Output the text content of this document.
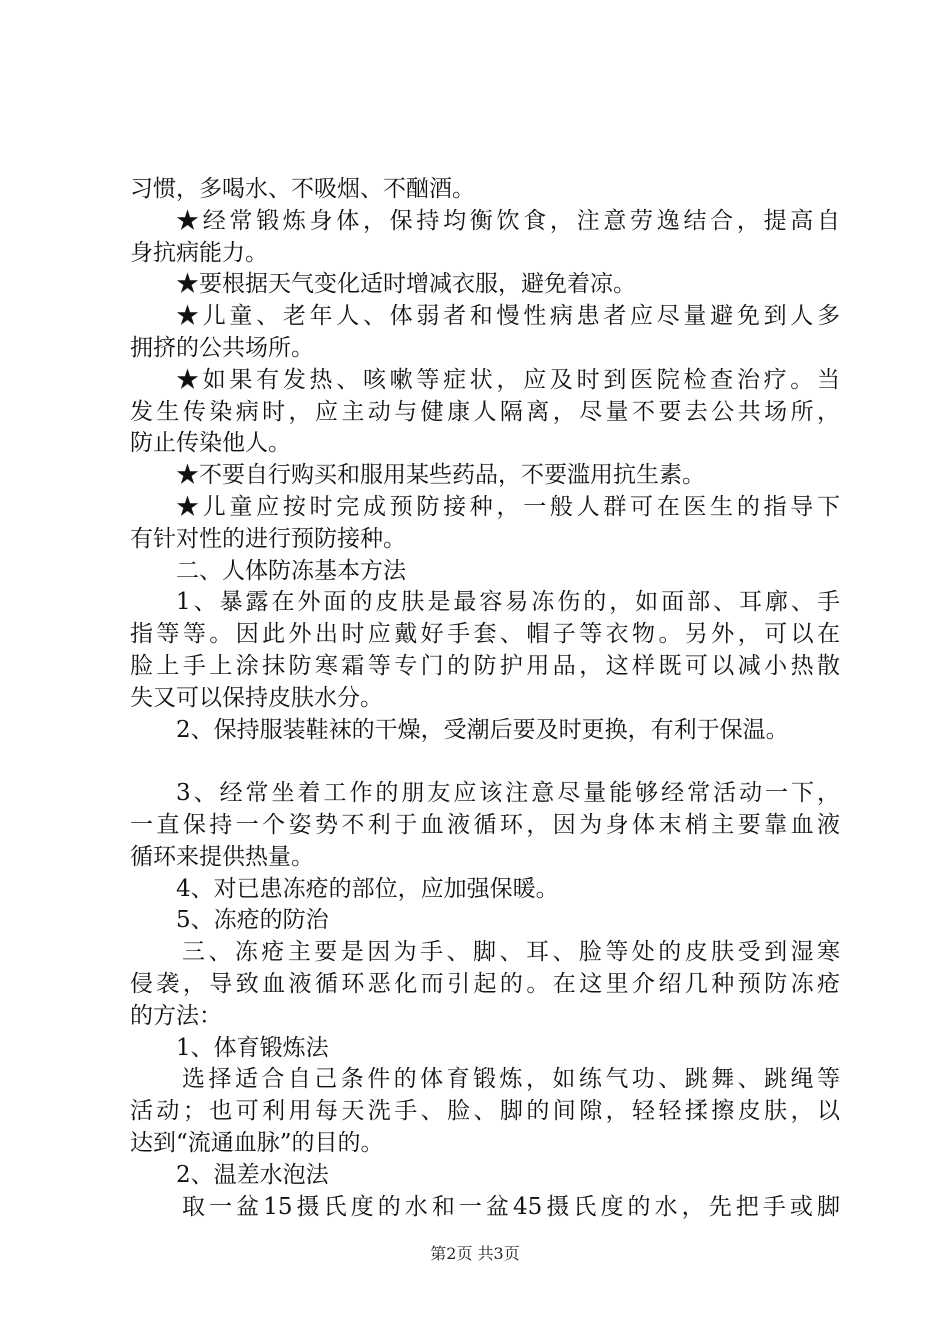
习惯，多喝水、不吸烟、不酗酒。
★经常锻炼身体，保持均衡饮食，注意劳逸结合，提高自
身抗病能力。
★要根据天气变化适时增减衣服，避免着凉。
★儿童、老年人、体弱者和慢性病患者应尽量避免到人多
拥挤的公共场所。
★如果有发热、咳嗽等症状，应及时到医院检查治疗。当
发生传染病时，应主动与健康人隔离，尽量不要去公共场所，
防止传染他人。
★不要自行购买和服用某些药品，不要滥用抗生素。
★儿童应按时完成预防接种，一般人群可在医生的指导下
有针对性的进行预防接种。
二、人体防冻基本方法
1、暴露在外面的皮肤是最容易冻伤的，如面部、耳廓、手
指等等。因此外出时应戴好手套、帽子等衣物。另外，可以在
脸上手上涂抹防寒霜等专门的防护用品，这样既可以减小热散
失又可以保持皮肤水分。
2、保持服装鞋袜的干燥，受潮后要及时更换，有利于保温。
3、经常坐着工作的朋友应该注意尽量能够经常活动一下，
一直保持一个姿势不利于血液循环，因为身体末梢主要靠血液
循环来提供热量。
4、对已患冻疮的部位，应加强保暖。
5、冻疮的防治
三、冻疮主要是因为手、脚、耳、脸等处的皮肤受到湿寒
侵袭，导致血液循环恶化而引起的。在这里介绍几种预防冻疮
的方法：
1、体育锻炼法
选择适合自己条件的体育锻炼，如练气功、跳舞、跳绳等
活动；也可利用每天洗手、脸、脚的间隙，轻轻揉擦皮肤，以
达到“流通血脉”的目的。
2、温差水泡法
取一盆15摄氏度的水和一盆45摄氏度的水，先把手或脚
第2页 共3页
